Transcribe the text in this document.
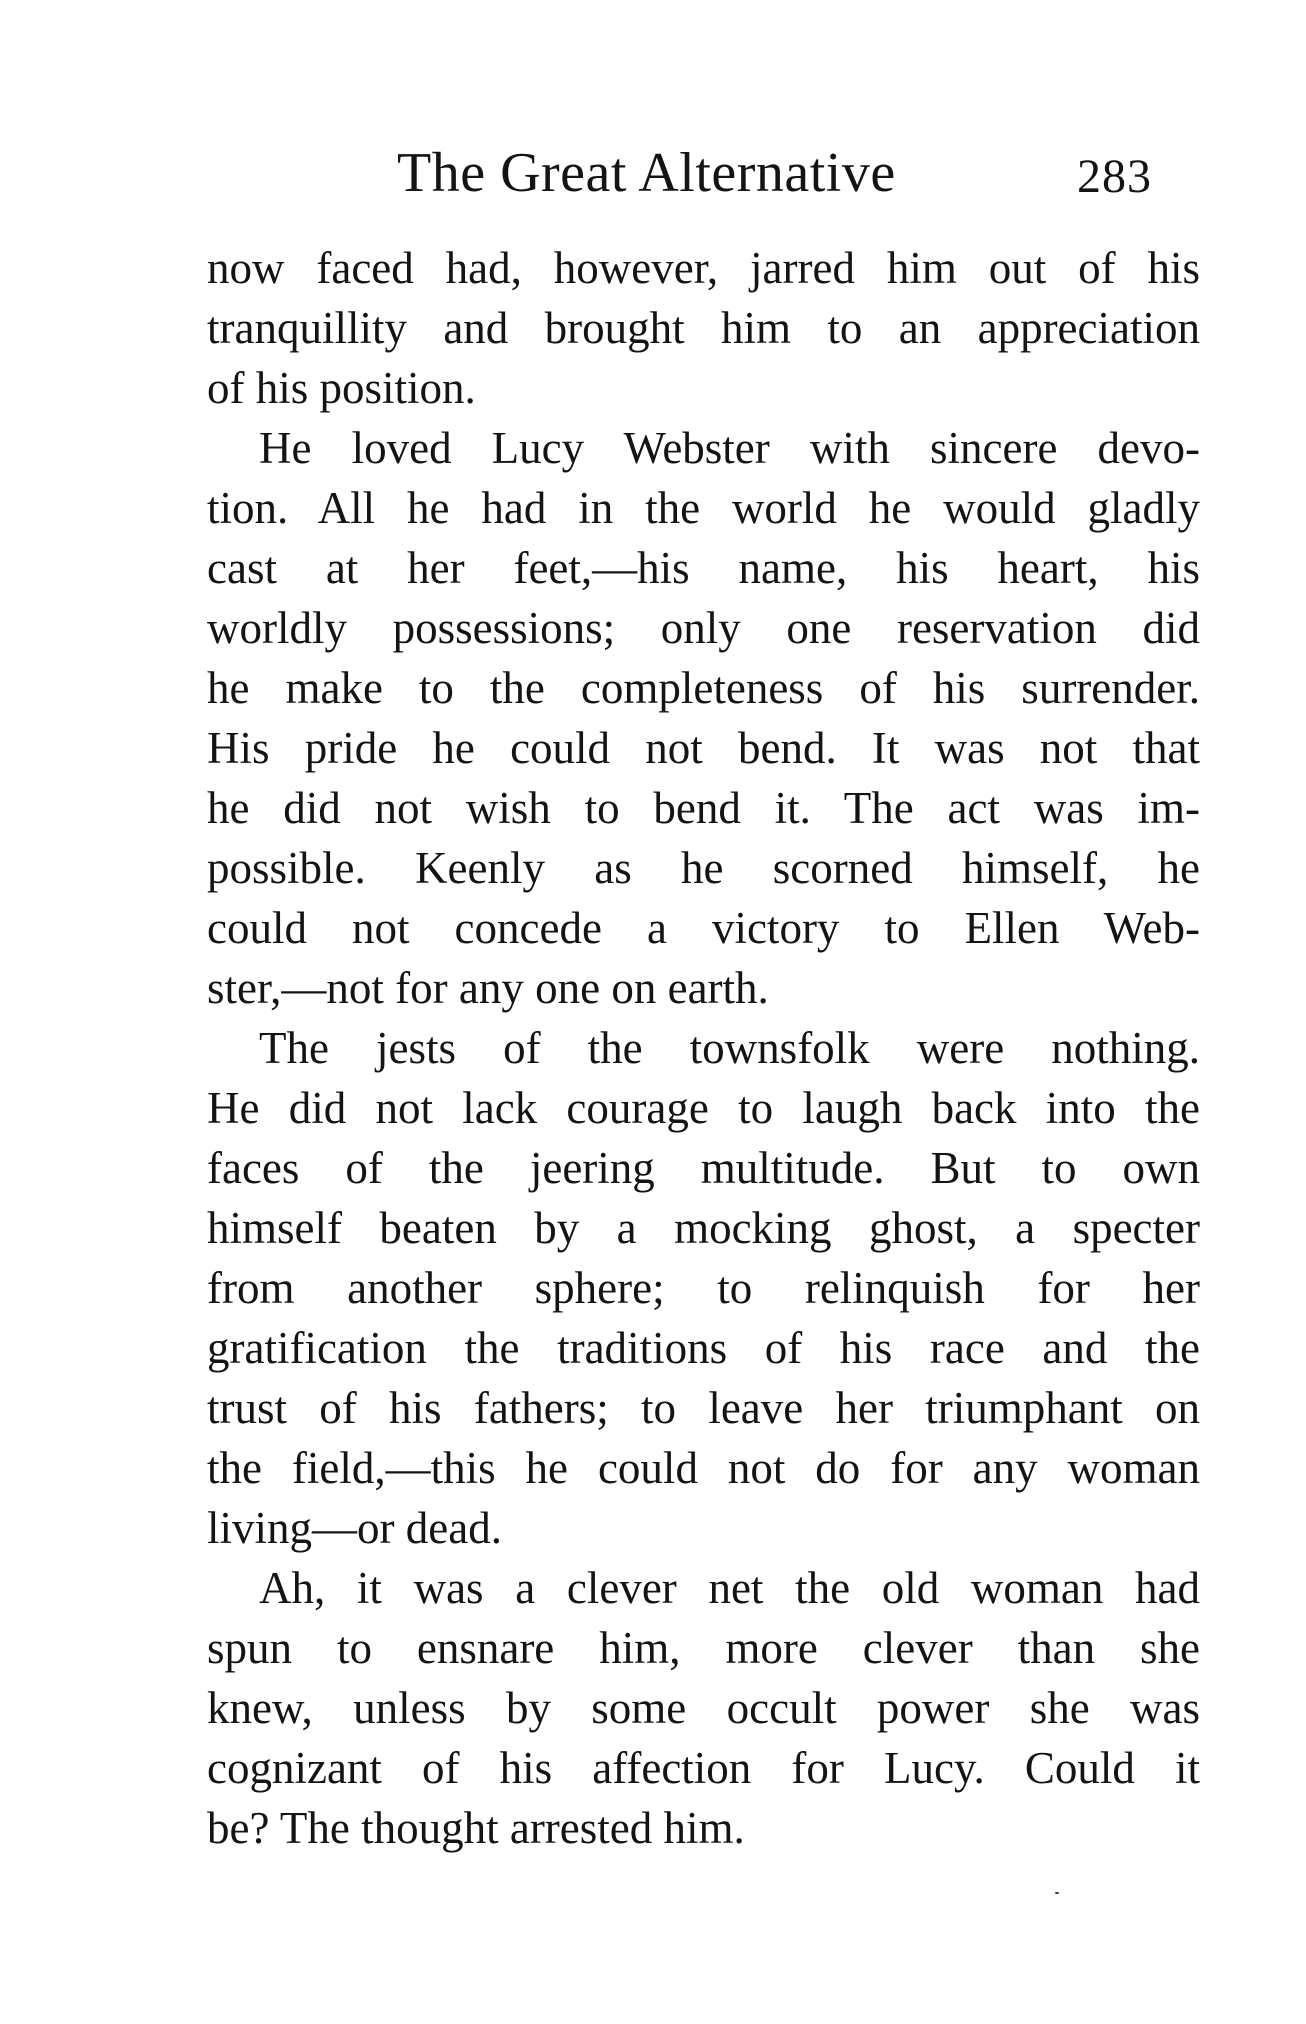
The Great Alternative	283
now faced had, however, jarred him out of his
tranquillity and brought him to an appreciation
of his position.
He loved Lucy Webster with sincere devo-
tion. All he had in the world he would gladly
cast at her feet,—his name, his heart, his
worldly possessions; only one reservation did
he make to the completeness of his surrender.
His pride he could not bend. It was not that
he did not wish to bend it. The act was im-
possible. Keenly as he scorned himself, he
could not concede a victory to Ellen Web-
ster,—not for any one on earth.
The jests of the townsfolk were nothing.
He did not lack courage to laugh back into the
faces of the jeering multitude. But to own
himself beaten by a mocking ghost, a specter
from another sphere; to relinquish for her
gratification the traditions of his race and the
trust of his fathers; to leave her triumphant on
the field,—this he could not do for any woman
living—or dead.
Ah, it was a clever net the old woman had
spun to ensnare him, more clever than she
knew, unless by some occult power she was
cognizant of his affection for Lucy. Could it
be? The thought arrested him.
